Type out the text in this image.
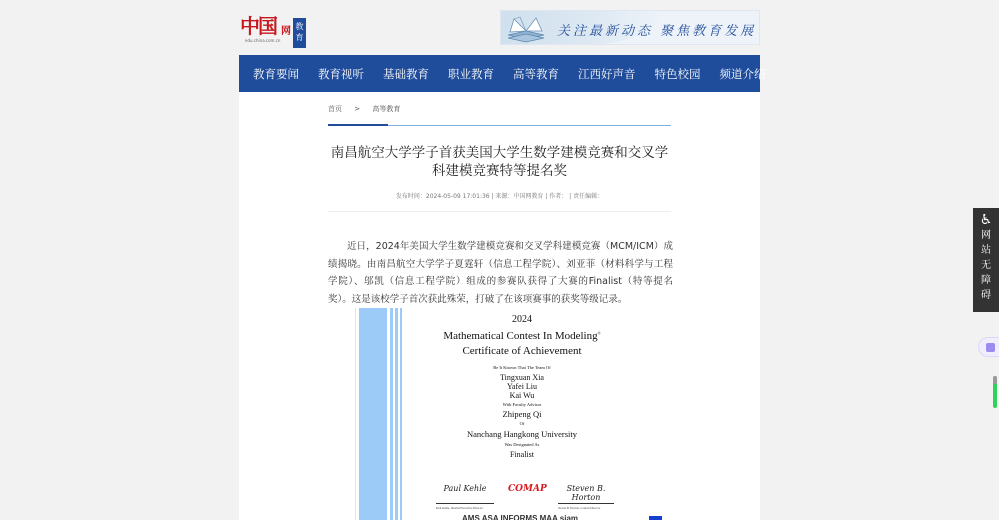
中国 网
edu.china.com.cn
教育	关注最新动态 聚焦教育发展
教育要闻 教育视听 基础教育 职业教育 高等教育 江西好声音 特色校园 频道介绍
首页 > 高等教育
南昌航空大学学子首获美国大学生数学建模竞赛和交叉学科建模竞赛特等提名奖
发布时间：2024-05-09 17:01:36 | 来源：中国网教育 | 作者： | 责任编辑：

近日，2024年美国大学生数学建模竞赛和交叉学科建模竞赛（MCM/ICM）成绩揭晓。由南昌航空大学学子夏霆轩（信息工程学院）、刘亚菲（材料科学与工程学院）、邬凯（信息工程学院）组成的参赛队获得了大赛的Finalist（特等提名奖）。这是该校学子首次获此殊荣，打破了在该项赛事的获奖等级记录。

2024
Mathematical Contest In Modeling®
Certificate of Achievement
Be It Known That The Team Of
Tingxuan Xia
Yafei Liu
Kai Wu
With Faculty Advisor
Zhipeng Qi
Of
Nanchang Hangkong University
Was Designated As
Finalist
Paul Kehle	COMAP	Steven B. Horton
Paul Kehle, Interim Executive Director	Steven B. Horton, Contest Director
AMS ASA INFORMS MAA siam
♿
网站无障碍
